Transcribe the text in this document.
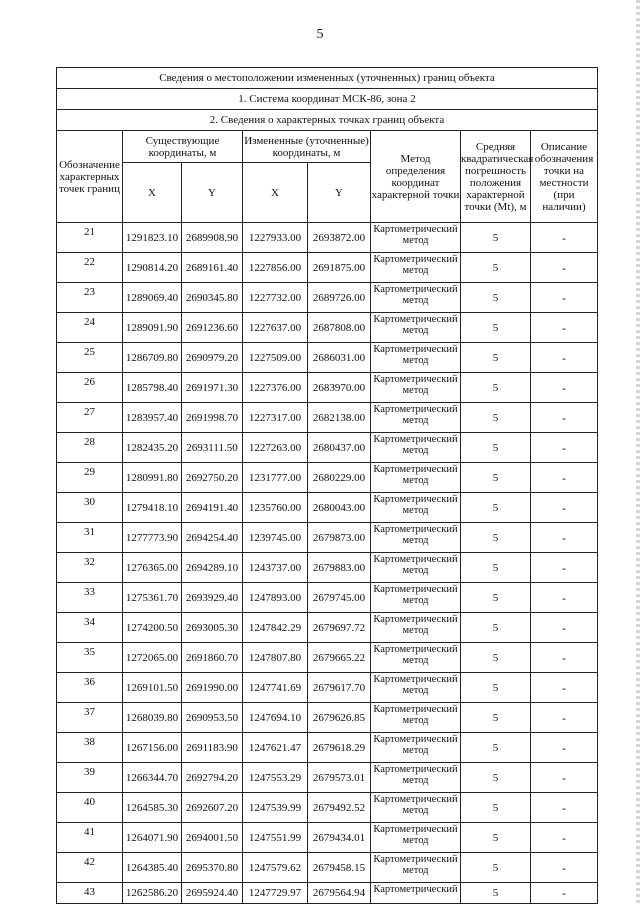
5
Сведения о местоположении измененных (уточненных) границ объекта							
1. Система координат МСК-86, зона 2							
2. Сведения о характерных точках границ объекта							
Обозначение характерных точек границ	Существующие координаты, м		Измененные (уточненные) координаты, м		Метод определения координат характерной точки	Средняя квадратическая погрешность положения характерной точки (Mt), м	Описание обозначения точки на местности (при наличии)
	X	Y	X	Y			
21	1291823.10	2689908.90	1227933.00	2693872.00	Картометрический метод	5	-
22	1290814.20	2689161.40	1227856.00	2691875.00	Картометрический метод	5	-
23	1289069.40	2690345.80	1227732.00	2689726.00	Картометрический метод	5	-
24	1289091.90	2691236.60	1227637.00	2687808.00	Картометрический метод	5	-
25	1286709.80	2690979.20	1227509.00	2686031.00	Картометрический метод	5	-
26	1285798.40	2691971.30	1227376.00	2683970.00	Картометрический метод	5	-
27	1283957.40	2691998.70	1227317.00	2682138.00	Картометрический метод	5	-
28	1282435.20	2693111.50	1227263.00	2680437.00	Картометрический метод	5	-
29	1280991.80	2692750.20	1231777.00	2680229.00	Картометрический метод	5	-
30	1279418.10	2694191.40	1235760.00	2680043.00	Картометрический метод	5	-
31	1277773.90	2694254.40	1239745.00	2679873.00	Картометрический метод	5	-
32	1276365.00	2694289.10	1243737.00	2679883.00	Картометрический метод	5	-
33	1275361.70	2693929.40	1247893.00	2679745.00	Картометрический метод	5	-
34	1274200.50	2693005.30	1247842.29	2679697.72	Картометрический метод	5	-
35	1272065.00	2691860.70	1247807.80	2679665.22	Картометрический метод	5	-
36	1269101.50	2691990.00	1247741.69	2679617.70	Картометрический метод	5	-
37	1268039.80	2690953.50	1247694.10	2679626.85	Картометрический метод	5	-
38	1267156.00	2691183.90	1247621.47	2679618.29	Картометрический метод	5	-
39	1266344.70	2692794.20	1247553.29	2679573.01	Картометрический метод	5	-
40	1264585.30	2692607.20	1247539.99	2679492.52	Картометрический метод	5	-
41	1264071.90	2694001.50	1247551.99	2679434.01	Картометрический метод	5	-
42	1264385.40	2695370.80	1247579.62	2679458.15	Картометрический метод	5	-
43	1262586.20	2695924.40	1247729.97	2679564.94	Картометрический	5	-
